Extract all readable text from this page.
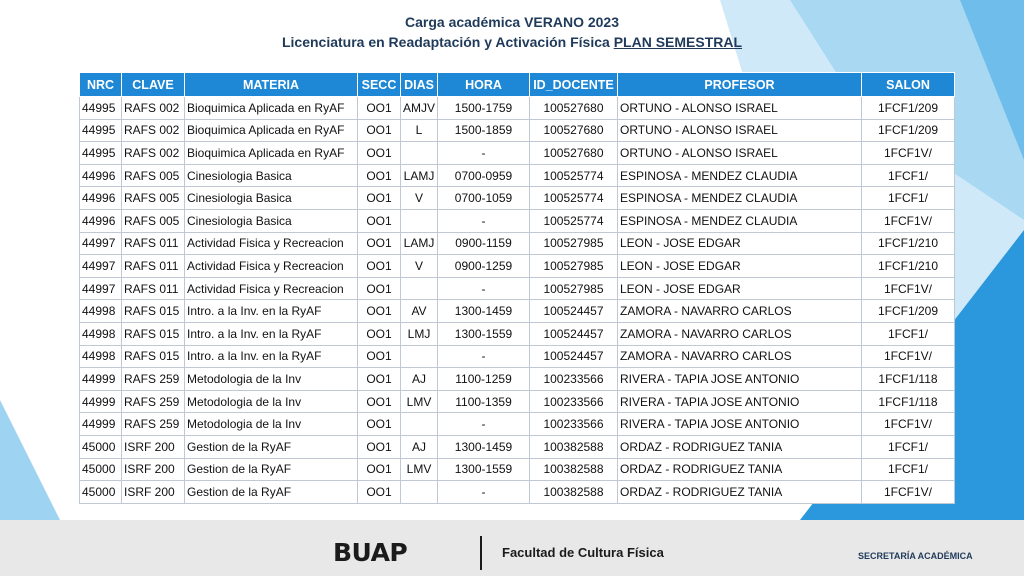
Carga académica VERANO 2023
Licenciatura en Readaptación y Activación Física PLAN SEMESTRAL
NRC	CLAVE	MATERIA	SECC	DIAS	HORA	ID_DOCENTE	PROFESOR	SALON
44995	RAFS 002	Bioquimica Aplicada en RyAF	OO1	AMJV	1500-1759	100527680	ORTUNO - ALONSO ISRAEL	1FCF1/209
44995	RAFS 002	Bioquimica Aplicada en RyAF	OO1	L	1500-1859	100527680	ORTUNO - ALONSO ISRAEL	1FCF1/209
44995	RAFS 002	Bioquimica Aplicada en RyAF	OO1		-	100527680	ORTUNO - ALONSO ISRAEL	1FCF1V/
44996	RAFS 005	Cinesiologia Basica	OO1	LAMJ	0700-0959	100525774	ESPINOSA - MENDEZ CLAUDIA	1FCF1/
44996	RAFS 005	Cinesiologia Basica	OO1	V	0700-1059	100525774	ESPINOSA - MENDEZ CLAUDIA	1FCF1/
44996	RAFS 005	Cinesiologia Basica	OO1		-	100525774	ESPINOSA - MENDEZ CLAUDIA	1FCF1V/
44997	RAFS 011	Actividad Fisica y Recreacion	OO1	LAMJ	0900-1159	100527985	LEON - JOSE EDGAR	1FCF1/210
44997	RAFS 011	Actividad Fisica y Recreacion	OO1	V	0900-1259	100527985	LEON - JOSE EDGAR	1FCF1/210
44997	RAFS 011	Actividad Fisica y Recreacion	OO1		-	100527985	LEON - JOSE EDGAR	1FCF1V/
44998	RAFS 015	Intro. a la Inv. en la RyAF	OO1	AV	1300-1459	100524457	ZAMORA - NAVARRO CARLOS	1FCF1/209
44998	RAFS 015	Intro. a la Inv. en la RyAF	OO1	LMJ	1300-1559	100524457	ZAMORA - NAVARRO CARLOS	1FCF1/
44998	RAFS 015	Intro. a la Inv. en la RyAF	OO1		-	100524457	ZAMORA - NAVARRO CARLOS	1FCF1V/
44999	RAFS 259	Metodologia de la Inv	OO1	AJ	1100-1259	100233566	RIVERA - TAPIA JOSE ANTONIO	1FCF1/118
44999	RAFS 259	Metodologia de la Inv	OO1	LMV	1100-1359	100233566	RIVERA - TAPIA JOSE ANTONIO	1FCF1/118
44999	RAFS 259	Metodologia de la Inv	OO1		-	100233566	RIVERA - TAPIA JOSE ANTONIO	1FCF1V/
45000	ISRF 200	Gestion de la RyAF	OO1	AJ	1300-1459	100382588	ORDAZ - RODRIGUEZ TANIA	1FCF1/
45000	ISRF 200	Gestion de la RyAF	OO1	LMV	1300-1559	100382588	ORDAZ - RODRIGUEZ TANIA	1FCF1/
45000	ISRF 200	Gestion de la RyAF	OO1		-	100382588	ORDAZ - RODRIGUEZ TANIA	1FCF1V/
BUAP	Facultad de Cultura Física	SECRETARÍA ACADÉMICA
